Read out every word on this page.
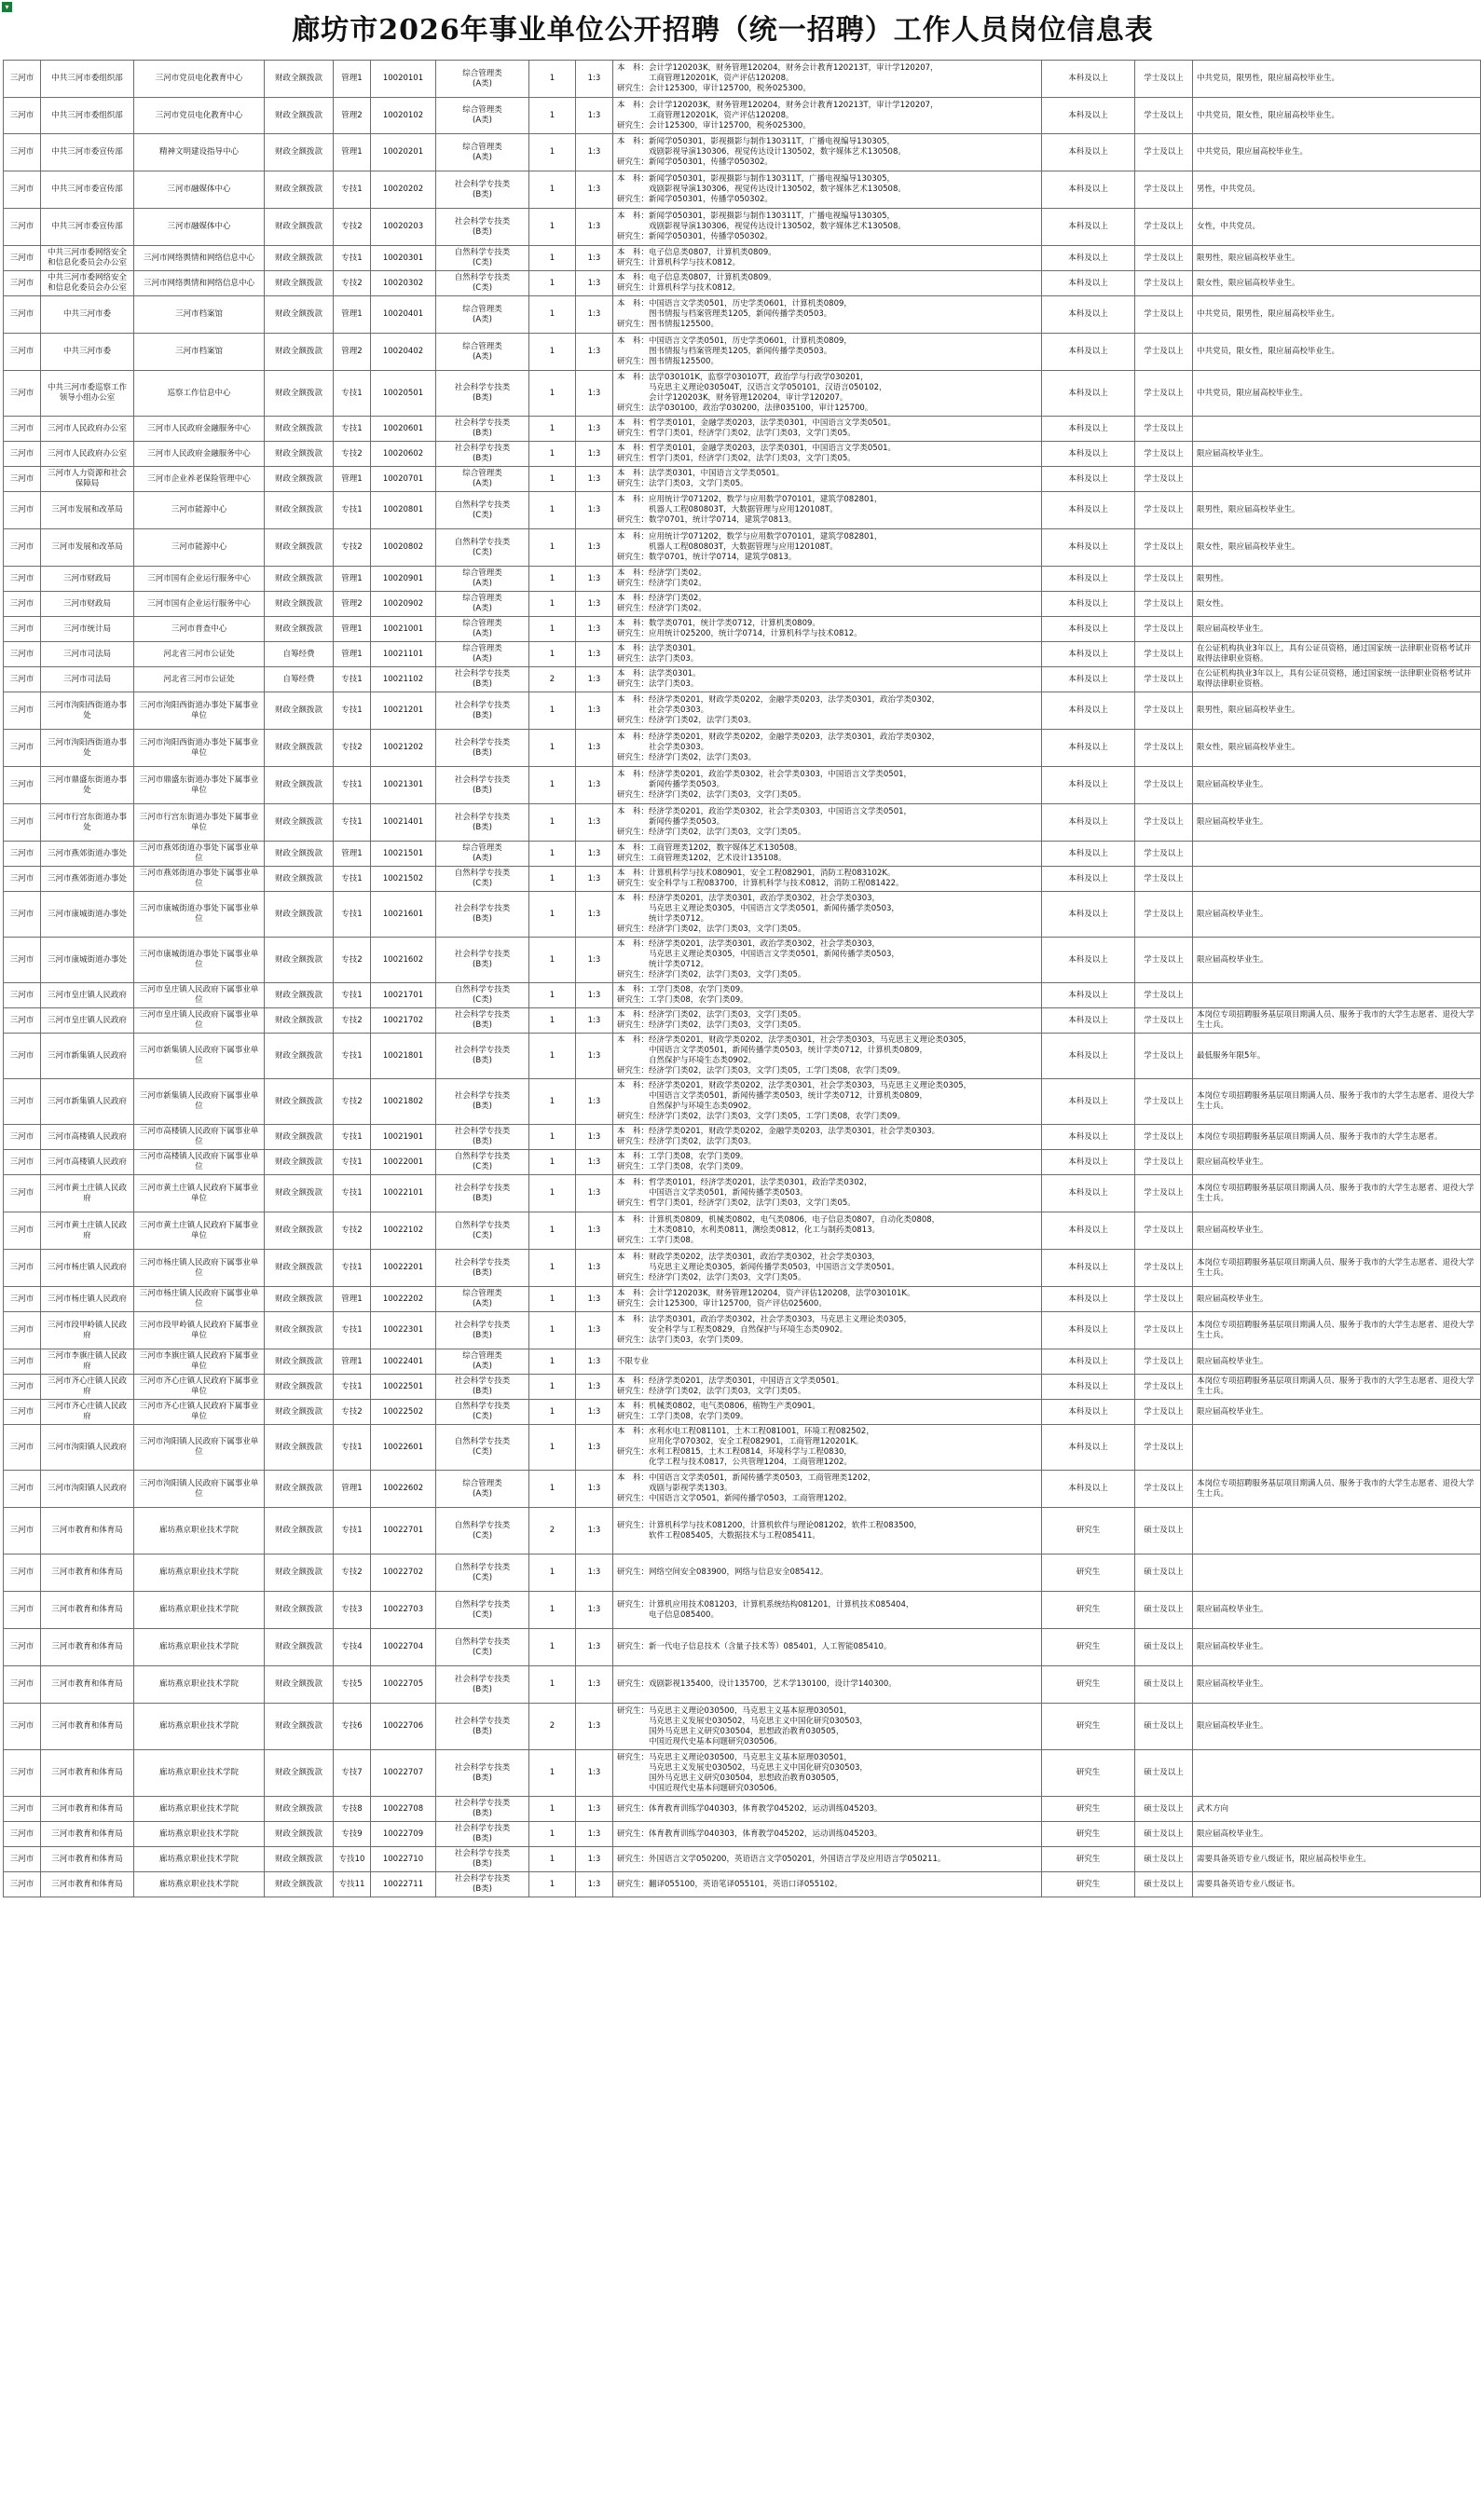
▾
廊坊市2026年事业单位公开招聘（统一招聘）工作人员岗位信息表
三河市	中共三河市委组织部	三河市党员电化教育中心	财政全额拨款	管理1	10020101	综合管理类
(A类)	1	1:3	本　科：会计学120203K，财务管理120204，财务会计教育120213T，审计学120207，
　　　　工商管理120201K，资产评估120208。
研究生：会计125300，审计125700，税务025300。	本科及以上	学士及以上	中共党员，限男性，限应届高校毕业生。
三河市	中共三河市委组织部	三河市党员电化教育中心	财政全额拨款	管理2	10020102	综合管理类
(A类)	1	1:3	本　科：会计学120203K，财务管理120204，财务会计教育120213T，审计学120207，
　　　　工商管理120201K，资产评估120208。
研究生：会计125300，审计125700，税务025300。	本科及以上	学士及以上	中共党员，限女性，限应届高校毕业生。
三河市	中共三河市委宣传部	精神文明建设指导中心	财政全额拨款	管理1	10020201	综合管理类
(A类)	1	1:3	本　科：新闻学050301，影视摄影与制作130311T，广播电视编导130305，
　　　　戏剧影视导演130306，视觉传达设计130502，数字媒体艺术130508。
研究生：新闻学050301，传播学050302。	本科及以上	学士及以上	中共党员，限应届高校毕业生。
三河市	中共三河市委宣传部	三河市融媒体中心	财政全额拨款	专技1	10020202	社会科学专技类
(B类)	1	1:3	本　科：新闻学050301，影视摄影与制作130311T，广播电视编导130305，
　　　　戏剧影视导演130306，视觉传达设计130502，数字媒体艺术130508。
研究生：新闻学050301，传播学050302。	本科及以上	学士及以上	男性，中共党员。
三河市	中共三河市委宣传部	三河市融媒体中心	财政全额拨款	专技2	10020203	社会科学专技类
(B类)	1	1:3	本　科：新闻学050301，影视摄影与制作130311T，广播电视编导130305，
　　　　戏剧影视导演130306，视觉传达设计130502，数字媒体艺术130508。
研究生：新闻学050301，传播学050302。	本科及以上	学士及以上	女性，中共党员。
三河市	中共三河市委网络安全和信息化委员会办公室	三河市网络舆情和网络信息中心	财政全额拨款	专技1	10020301	自然科学专技类
(C类)	1	1:3	本　科：电子信息类0807，计算机类0809。
研究生：计算机科学与技术0812。	本科及以上	学士及以上	限男性，限应届高校毕业生。
三河市	中共三河市委网络安全和信息化委员会办公室	三河市网络舆情和网络信息中心	财政全额拨款	专技2	10020302	自然科学专技类
(C类)	1	1:3	本　科：电子信息类0807，计算机类0809。
研究生：计算机科学与技术0812。	本科及以上	学士及以上	限女性，限应届高校毕业生。
三河市	中共三河市委	三河市档案馆	财政全额拨款	管理1	10020401	综合管理类
(A类)	1	1:3	本　科：中国语言文学类0501，历史学类0601，计算机类0809，
　　　　图书情报与档案管理类1205，新闻传播学类0503。
研究生：图书情报125500。	本科及以上	学士及以上	中共党员，限男性，限应届高校毕业生。
三河市	中共三河市委	三河市档案馆	财政全额拨款	管理2	10020402	综合管理类
(A类)	1	1:3	本　科：中国语言文学类0501，历史学类0601，计算机类0809，
　　　　图书情报与档案管理类1205，新闻传播学类0503。
研究生：图书情报125500。	本科及以上	学士及以上	中共党员，限女性，限应届高校毕业生。
三河市	中共三河市委巡察工作领导小组办公室	巡察工作信息中心	财政全额拨款	专技1	10020501	社会科学专技类
(B类)	1	1:3	本　科：法学030101K，监察学030107T，政治学与行政学030201，
　　　　马克思主义理论030504T，汉语言文学050101，汉语言050102，
　　　　会计学120203K，财务管理120204，审计学120207。
研究生：法学030100，政治学030200，法律035100，审计125700。	本科及以上	学士及以上	中共党员，限应届高校毕业生。
三河市	三河市人民政府办公室	三河市人民政府金融服务中心	财政全额拨款	专技1	10020601	社会科学专技类
(B类)	1	1:3	本　科：哲学类0101，金融学类0203，法学类0301，中国语言文学类0501。
研究生：哲学门类01，经济学门类02，法学门类03，文学门类05。	本科及以上	学士及以上	
三河市	三河市人民政府办公室	三河市人民政府金融服务中心	财政全额拨款	专技2	10020602	社会科学专技类
(B类)	1	1:3	本　科：哲学类0101，金融学类0203，法学类0301，中国语言文学类0501。
研究生：哲学门类01，经济学门类02，法学门类03，文学门类05。	本科及以上	学士及以上	限应届高校毕业生。
三河市	三河市人力资源和社会保障局	三河市企业养老保险管理中心	财政全额拨款	管理1	10020701	综合管理类
(A类)	1	1:3	本　科：法学类0301，中国语言文学类0501。
研究生：法学门类03，文学门类05。	本科及以上	学士及以上	
三河市	三河市发展和改革局	三河市能源中心	财政全额拨款	专技1	10020801	自然科学专技类
(C类)	1	1:3	本　科：应用统计学071202，数学与应用数学070101，建筑学082801，
　　　　机器人工程080803T，大数据管理与应用120108T。
研究生：数学0701，统计学0714，建筑学0813。	本科及以上	学士及以上	限男性，限应届高校毕业生。
三河市	三河市发展和改革局	三河市能源中心	财政全额拨款	专技2	10020802	自然科学专技类
(C类)	1	1:3	本　科：应用统计学071202，数学与应用数学070101，建筑学082801，
　　　　机器人工程080803T，大数据管理与应用120108T。
研究生：数学0701，统计学0714，建筑学0813。	本科及以上	学士及以上	限女性，限应届高校毕业生。
三河市	三河市财政局	三河市国有企业运行服务中心	财政全额拨款	管理1	10020901	综合管理类
(A类)	1	1:3	本　科：经济学门类02。
研究生：经济学门类02。	本科及以上	学士及以上	限男性。
三河市	三河市财政局	三河市国有企业运行服务中心	财政全额拨款	管理2	10020902	综合管理类
(A类)	1	1:3	本　科：经济学门类02。
研究生：经济学门类02。	本科及以上	学士及以上	限女性。
三河市	三河市统计局	三河市普查中心	财政全额拨款	管理1	10021001	综合管理类
(A类)	1	1:3	本　科：数学类0701，统计学类0712，计算机类0809。
研究生：应用统计025200，统计学0714，计算机科学与技术0812。	本科及以上	学士及以上	限应届高校毕业生。
三河市	三河市司法局	河北省三河市公证处	自筹经费	管理1	10021101	综合管理类
(A类)	1	1:3	本　科：法学类0301。
研究生：法学门类03。	本科及以上	学士及以上	在公证机构执业3年以上，具有公证员资格，通过国家统一法律职业资格考试并取得法律职业资格。
三河市	三河市司法局	河北省三河市公证处	自筹经费	专技1	10021102	社会科学专技类
(B类)	2	1:3	本　科：法学类0301。
研究生：法学门类03。	本科及以上	学士及以上	在公证机构执业3年以上，具有公证员资格，通过国家统一法律职业资格考试并取得法律职业资格。
三河市	三河市泃阳西街道办事处	三河市泃阳西街道办事处下属事业单位	财政全额拨款	专技1	10021201	社会科学专技类
(B类)	1	1:3	本　科：经济学类0201，财政学类0202，金融学类0203，法学类0301，政治学类0302，
　　　　社会学类0303。
研究生：经济学门类02，法学门类03。	本科及以上	学士及以上	限男性，限应届高校毕业生。
三河市	三河市泃阳西街道办事处	三河市泃阳西街道办事处下属事业单位	财政全额拨款	专技2	10021202	社会科学专技类
(B类)	1	1:3	本　科：经济学类0201，财政学类0202，金融学类0203，法学类0301，政治学类0302，
　　　　社会学类0303。
研究生：经济学门类02，法学门类03。	本科及以上	学士及以上	限女性，限应届高校毕业生。
三河市	三河市鼎盛东街道办事处	三河市鼎盛东街道办事处下属事业单位	财政全额拨款	专技1	10021301	社会科学专技类
(B类)	1	1:3	本　科：经济学类0201，政治学类0302，社会学类0303，中国语言文学类0501，
　　　　新闻传播学类0503。
研究生：经济学门类02，法学门类03，文学门类05。	本科及以上	学士及以上	限应届高校毕业生。
三河市	三河市行宫东街道办事处	三河市行宫东街道办事处下属事业单位	财政全额拨款	专技1	10021401	社会科学专技类
(B类)	1	1:3	本　科：经济学类0201，政治学类0302，社会学类0303，中国语言文学类0501，
　　　　新闻传播学类0503。
研究生：经济学门类02，法学门类03，文学门类05。	本科及以上	学士及以上	限应届高校毕业生。
三河市	三河市燕郊街道办事处	三河市燕郊街道办事处下属事业单位	财政全额拨款	管理1	10021501	综合管理类
(A类)	1	1:3	本　科：工商管理类1202，数字媒体艺术130508。
研究生：工商管理类1202，艺术设计135108。	本科及以上	学士及以上	
三河市	三河市燕郊街道办事处	三河市燕郊街道办事处下属事业单位	财政全额拨款	专技1	10021502	自然科学专技类
(C类)	1	1:3	本　科：计算机科学与技术080901，安全工程082901，消防工程083102K。
研究生：安全科学与工程083700，计算机科学与技术0812，消防工程081422。	本科及以上	学士及以上	
三河市	三河市康城街道办事处	三河市康城街道办事处下属事业单位	财政全额拨款	专技1	10021601	社会科学专技类
(B类)	1	1:3	本　科：经济学类0201，法学类0301，政治学类0302，社会学类0303，
　　　　马克思主义理论类0305，中国语言文学类0501，新闻传播学类0503，
　　　　统计学类0712。
研究生：经济学门类02，法学门类03，文学门类05。	本科及以上	学士及以上	限应届高校毕业生。
三河市	三河市康城街道办事处	三河市康城街道办事处下属事业单位	财政全额拨款	专技2	10021602	社会科学专技类
(B类)	1	1:3	本　科：经济学类0201，法学类0301，政治学类0302，社会学类0303，
　　　　马克思主义理论类0305，中国语言文学类0501，新闻传播学类0503，
　　　　统计学类0712。
研究生：经济学门类02，法学门类03，文学门类05。	本科及以上	学士及以上	限应届高校毕业生。
三河市	三河市皇庄镇人民政府	三河市皇庄镇人民政府下属事业单位	财政全额拨款	专技1	10021701	自然科学专技类
(C类)	1	1:3	本　科：工学门类08，农学门类09。
研究生：工学门类08，农学门类09。	本科及以上	学士及以上	
三河市	三河市皇庄镇人民政府	三河市皇庄镇人民政府下属事业单位	财政全额拨款	专技2	10021702	社会科学专技类
(B类)	1	1:3	本　科：经济学门类02，法学门类03，文学门类05。
研究生：经济学门类02，法学门类03，文学门类05。	本科及以上	学士及以上	本岗位专项招聘服务基层项目期满人员、服务于我市的大学生志愿者、退役大学生士兵。
三河市	三河市新集镇人民政府	三河市新集镇人民政府下属事业单位	财政全额拨款	专技1	10021801	社会科学专技类
(B类)	1	1:3	本　科：经济学类0201，财政学类0202，法学类0301，社会学类0303，马克思主义理论类0305，
　　　　中国语言文学类0501，新闻传播学类0503，统计学类0712，计算机类0809，
　　　　自然保护与环境生态类0902。
研究生：经济学门类02，法学门类03，文学门类05，工学门类08，农学门类09。	本科及以上	学士及以上	最低服务年限5年。
三河市	三河市新集镇人民政府	三河市新集镇人民政府下属事业单位	财政全额拨款	专技2	10021802	社会科学专技类
(B类)	1	1:3	本　科：经济学类0201，财政学类0202，法学类0301，社会学类0303，马克思主义理论类0305，
　　　　中国语言文学类0501，新闻传播学类0503，统计学类0712，计算机类0809，
　　　　自然保护与环境生态类0902。
研究生：经济学门类02，法学门类03，文学门类05，工学门类08，农学门类09。	本科及以上	学士及以上	本岗位专项招聘服务基层项目期满人员、服务于我市的大学生志愿者、退役大学生士兵。
三河市	三河市高楼镇人民政府	三河市高楼镇人民政府下属事业单位	财政全额拨款	专技1	10021901	社会科学专技类
(B类)	1	1:3	本　科：经济学类0201，财政学类0202，金融学类0203，法学类0301，社会学类0303。
研究生：经济学门类02，法学门类03。	本科及以上	学士及以上	本岗位专项招聘服务基层项目期满人员、服务于我市的大学生志愿者。
三河市	三河市高楼镇人民政府	三河市高楼镇人民政府下属事业单位	财政全额拨款	专技1	10022001	自然科学专技类
(C类)	1	1:3	本　科：工学门类08，农学门类09。
研究生：工学门类08，农学门类09。	本科及以上	学士及以上	限应届高校毕业生。
三河市	三河市黄土庄镇人民政府	三河市黄土庄镇人民政府下属事业单位	财政全额拨款	专技1	10022101	社会科学专技类
(B类)	1	1:3	本　科：哲学类0101，经济学类0201，法学类0301，政治学类0302，
　　　　中国语言文学类0501，新闻传播学类0503。
研究生：哲学门类01，经济学门类02，法学门类03，文学门类05。	本科及以上	学士及以上	本岗位专项招聘服务基层项目期满人员、服务于我市的大学生志愿者、退役大学生士兵。
三河市	三河市黄土庄镇人民政府	三河市黄土庄镇人民政府下属事业单位	财政全额拨款	专技2	10022102	自然科学专技类
(C类)	1	1:3	本　科：计算机类0809，机械类0802，电气类0806，电子信息类0807，自动化类0808，
　　　　土木类0810，水利类0811，测绘类0812，化工与制药类0813。
研究生：工学门类08。	本科及以上	学士及以上	限应届高校毕业生。
三河市	三河市杨庄镇人民政府	三河市杨庄镇人民政府下属事业单位	财政全额拨款	专技1	10022201	社会科学专技类
(B类)	1	1:3	本　科：财政学类0202，法学类0301，政治学类0302，社会学类0303，
　　　　马克思主义理论类0305，新闻传播学类0503，中国语言文学类0501。
研究生：经济学门类02，法学门类03，文学门类05。	本科及以上	学士及以上	本岗位专项招聘服务基层项目期满人员、服务于我市的大学生志愿者、退役大学生士兵。
三河市	三河市杨庄镇人民政府	三河市杨庄镇人民政府下属事业单位	财政全额拨款	管理1	10022202	综合管理类
(A类)	1	1:3	本　科：会计学120203K，财务管理120204，资产评估120208，法学030101K。
研究生：会计125300，审计125700，资产评估025600。	本科及以上	学士及以上	限应届高校毕业生。
三河市	三河市段甲岭镇人民政府	三河市段甲岭镇人民政府下属事业单位	财政全额拨款	专技1	10022301	社会科学专技类
(B类)	1	1:3	本　科：法学类0301，政治学类0302，社会学类0303，马克思主义理论类0305，
　　　　安全科学与工程类0829，自然保护与环境生态类0902。
研究生：法学门类03，农学门类09。	本科及以上	学士及以上	本岗位专项招聘服务基层项目期满人员、服务于我市的大学生志愿者、退役大学生士兵。
三河市	三河市李旗庄镇人民政府	三河市李旗庄镇人民政府下属事业单位	财政全额拨款	管理1	10022401	综合管理类
(A类)	1	1:3	不限专业	本科及以上	学士及以上	限应届高校毕业生。
三河市	三河市齐心庄镇人民政府	三河市齐心庄镇人民政府下属事业单位	财政全额拨款	专技1	10022501	社会科学专技类
(B类)	1	1:3	本　科：经济学类0201，法学类0301，中国语言文学类0501。
研究生：经济学门类02，法学门类03，文学门类05。	本科及以上	学士及以上	本岗位专项招聘服务基层项目期满人员、服务于我市的大学生志愿者、退役大学生士兵。
三河市	三河市齐心庄镇人民政府	三河市齐心庄镇人民政府下属事业单位	财政全额拨款	专技2	10022502	自然科学专技类
(C类)	1	1:3	本　科：机械类0802，电气类0806，植物生产类0901。
研究生：工学门类08，农学门类09。	本科及以上	学士及以上	限应届高校毕业生。
三河市	三河市泃阳镇人民政府	三河市泃阳镇人民政府下属事业单位	财政全额拨款	专技1	10022601	自然科学专技类
(C类)	1	1:3	本　科：水利水电工程081101，土木工程081001，环境工程082502，
　　　　应用化学070302，安全工程082901，工商管理120201K。
研究生：水利工程0815，土木工程0814，环境科学与工程0830，
　　　　化学工程与技术0817，公共管理1204，工商管理1202。	本科及以上	学士及以上	
三河市	三河市泃阳镇人民政府	三河市泃阳镇人民政府下属事业单位	财政全额拨款	管理1	10022602	综合管理类
(A类)	1	1:3	本　科：中国语言文学类0501，新闻传播学类0503，工商管理类1202，
　　　　戏剧与影视学类1303。
研究生：中国语言文学0501，新闻传播学0503，工商管理1202。	本科及以上	学士及以上	本岗位专项招聘服务基层项目期满人员、服务于我市的大学生志愿者、退役大学生士兵。
三河市	三河市教育和体育局	廊坊燕京职业技术学院	财政全额拨款	专技1	10022701	自然科学专技类
(C类)	2	1:3	研究生：计算机科学与技术081200，计算机软件与理论081202，软件工程083500，
　　　　软件工程085405，大数据技术与工程085411。	研究生	硕士及以上	
三河市	三河市教育和体育局	廊坊燕京职业技术学院	财政全额拨款	专技2	10022702	自然科学专技类
(C类)	1	1:3	研究生：网络空间安全083900，网络与信息安全085412。	研究生	硕士及以上	
三河市	三河市教育和体育局	廊坊燕京职业技术学院	财政全额拨款	专技3	10022703	自然科学专技类
(C类)	1	1:3	研究生：计算机应用技术081203，计算机系统结构081201，计算机技术085404，
　　　　电子信息085400。	研究生	硕士及以上	限应届高校毕业生。
三河市	三河市教育和体育局	廊坊燕京职业技术学院	财政全额拨款	专技4	10022704	自然科学专技类
(C类)	1	1:3	研究生：新一代电子信息技术（含量子技术等）085401，人工智能085410。	研究生	硕士及以上	限应届高校毕业生。
三河市	三河市教育和体育局	廊坊燕京职业技术学院	财政全额拨款	专技5	10022705	社会科学专技类
(B类)	1	1:3	研究生：戏剧影视135400，设计135700，艺术学130100，设计学140300。	研究生	硕士及以上	限应届高校毕业生。
三河市	三河市教育和体育局	廊坊燕京职业技术学院	财政全额拨款	专技6	10022706	社会科学专技类
(B类)	2	1:3	研究生：马克思主义理论030500，马克思主义基本原理030501，
　　　　马克思主义发展史030502，马克思主义中国化研究030503，
　　　　国外马克思主义研究030504，思想政治教育030505，
　　　　中国近现代史基本问题研究030506。	研究生	硕士及以上	限应届高校毕业生。
三河市	三河市教育和体育局	廊坊燕京职业技术学院	财政全额拨款	专技7	10022707	社会科学专技类
(B类)	1	1:3	研究生：马克思主义理论030500，马克思主义基本原理030501，
　　　　马克思主义发展史030502，马克思主义中国化研究030503，
　　　　国外马克思主义研究030504，思想政治教育030505，
　　　　中国近现代史基本问题研究030506。	研究生	硕士及以上	
三河市	三河市教育和体育局	廊坊燕京职业技术学院	财政全额拨款	专技8	10022708	社会科学专技类
(B类)	1	1:3	研究生：体育教育训练学040303，体育教学045202，运动训练045203。	研究生	硕士及以上	武术方向
三河市	三河市教育和体育局	廊坊燕京职业技术学院	财政全额拨款	专技9	10022709	社会科学专技类
(B类)	1	1:3	研究生：体育教育训练学040303，体育教学045202，运动训练045203。	研究生	硕士及以上	限应届高校毕业生。
三河市	三河市教育和体育局	廊坊燕京职业技术学院	财政全额拨款	专技10	10022710	社会科学专技类
(B类)	1	1:3	研究生：外国语言文学050200，英语语言文学050201，外国语言学及应用语言学050211。	研究生	硕士及以上	需要具备英语专业八级证书，限应届高校毕业生。
三河市	三河市教育和体育局	廊坊燕京职业技术学院	财政全额拨款	专技11	10022711	社会科学专技类
(B类)	1	1:3	研究生：翻译055100，英语笔译055101，英语口译055102。	研究生	硕士及以上	需要具备英语专业八级证书。
